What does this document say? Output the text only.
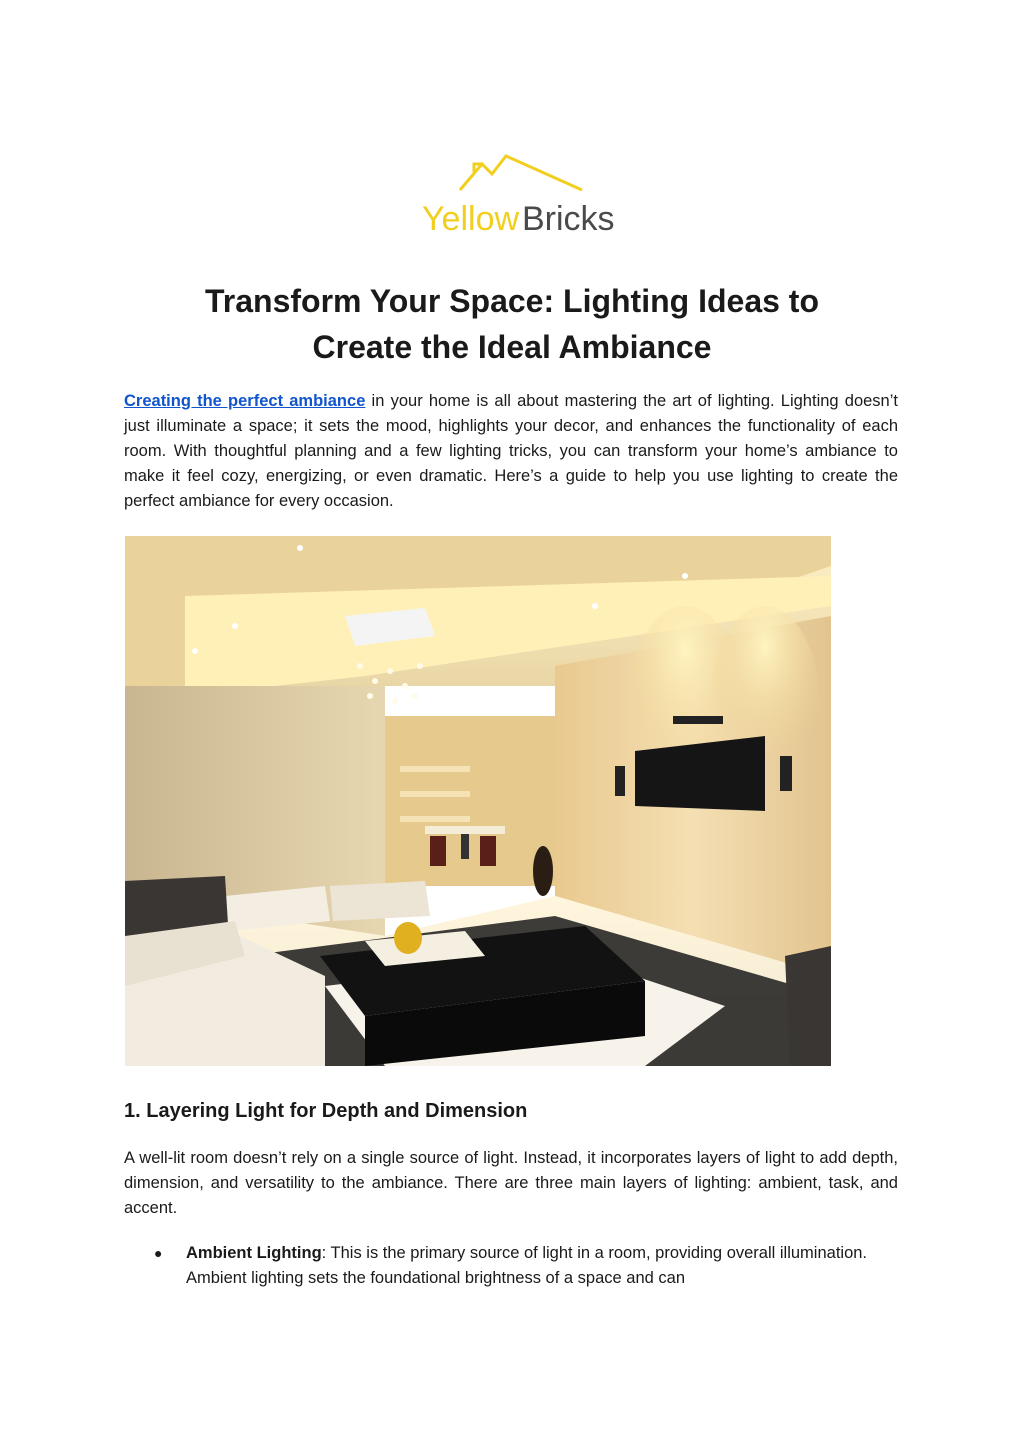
Yellow Bricks
Transform Your Space: Lighting Ideas to
Create the Ideal Ambiance

Creating the perfect ambiance in your home is all about mastering the art of lighting. Lighting doesn’t just illuminate a space; it sets the mood, highlights your decor, and enhances the functionality of each room. With thoughtful planning and a few lighting tricks, you can transform your home’s ambiance to make it feel cozy, energizing, or even dramatic. Here’s a guide to help you use lighting to create the perfect ambiance for every occasion.

1. Layering Light for Depth and Dimension

A well-lit room doesn’t rely on a single source of light. Instead, it incorporates layers of light to add depth, dimension, and versatility to the ambiance. There are three main layers of lighting: ambient, task, and accent.

● Ambient Lighting: This is the primary source of light in a room, providing overall illumination. Ambient lighting sets the foundational brightness of a space and can
